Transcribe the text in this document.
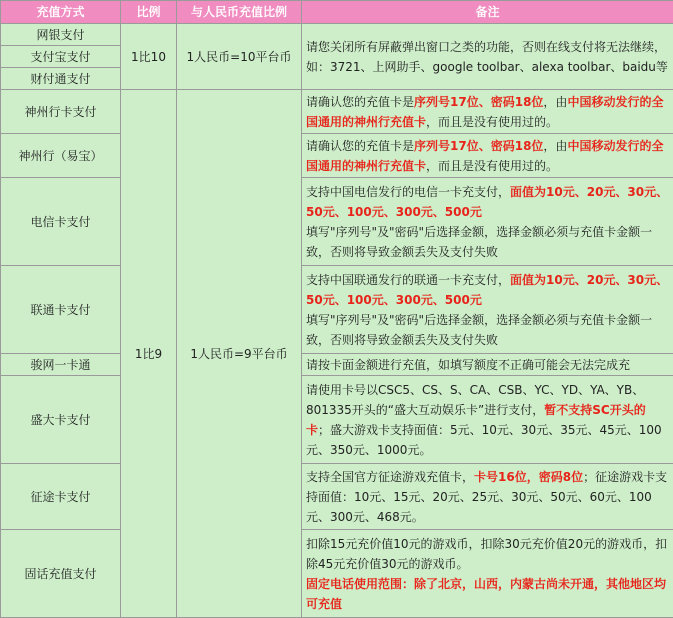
充值方式	比例	与人民币充值比例	备注
网银支付	1比10	1人民币=10平台币	请您关闭所有屏蔽弹出窗口之类的功能，否则在线支付将无法继续，如：3721、上网助手、google toolbar、alexa toolbar、baidu等
支付宝支付			
财付通支付			
神州行卡支付	1比9	1人民币=9平台币	请确认您的充值卡是序列号17位、密码18位，由中国移动发行的全国通用的神州行充值卡，而且是没有使用过的。
神州行（易宝）			请确认您的充值卡是序列号17位、密码18位，由中国移动发行的全国通用的神州行充值卡，而且是没有使用过的。
电信卡支付			支持中国电信发行的电信一卡充支付，面值为10元、20元、30元、50元、100元、300元、500元
填写"序列号"及"密码"后选择金额，选择金额必须与充值卡金额一致，否则将导致金额丢失及支付失败
联通卡支付			支持中国联通发行的联通一卡充支付，面值为10元、20元、30元、50元、100元、300元、500元
填写"序列号"及"密码"后选择金额，选择金额必须与充值卡金额一致，否则将导致金额丢失及支付失败
骏网一卡通			请按卡面金额进行充值，如填写额度不正确可能会无法完成充
盛大卡支付			请使用卡号以CSC5、CS、S、CA、CSB、YC、YD、YA、YB、801335开头的“盛大互动娱乐卡”进行支付，暂不支持SC开头的卡；盛大游戏卡支持面值：5元、10元、30元、35元、45元、100元、350元、1000元。
征途卡支付			支持全国官方征途游戏充值卡，卡号16位，密码8位；征途游戏卡支持面值：10元、15元、20元、25元、30元、50元、60元、100元、300元、468元。
固话充值支付			扣除15元充价值10元的游戏币，扣除30元充价值20元的游戏币，扣除45元充价值30元的游戏币。
固定电话使用范围：除了北京，山西，内蒙古尚未开通，其他地区均可充值
